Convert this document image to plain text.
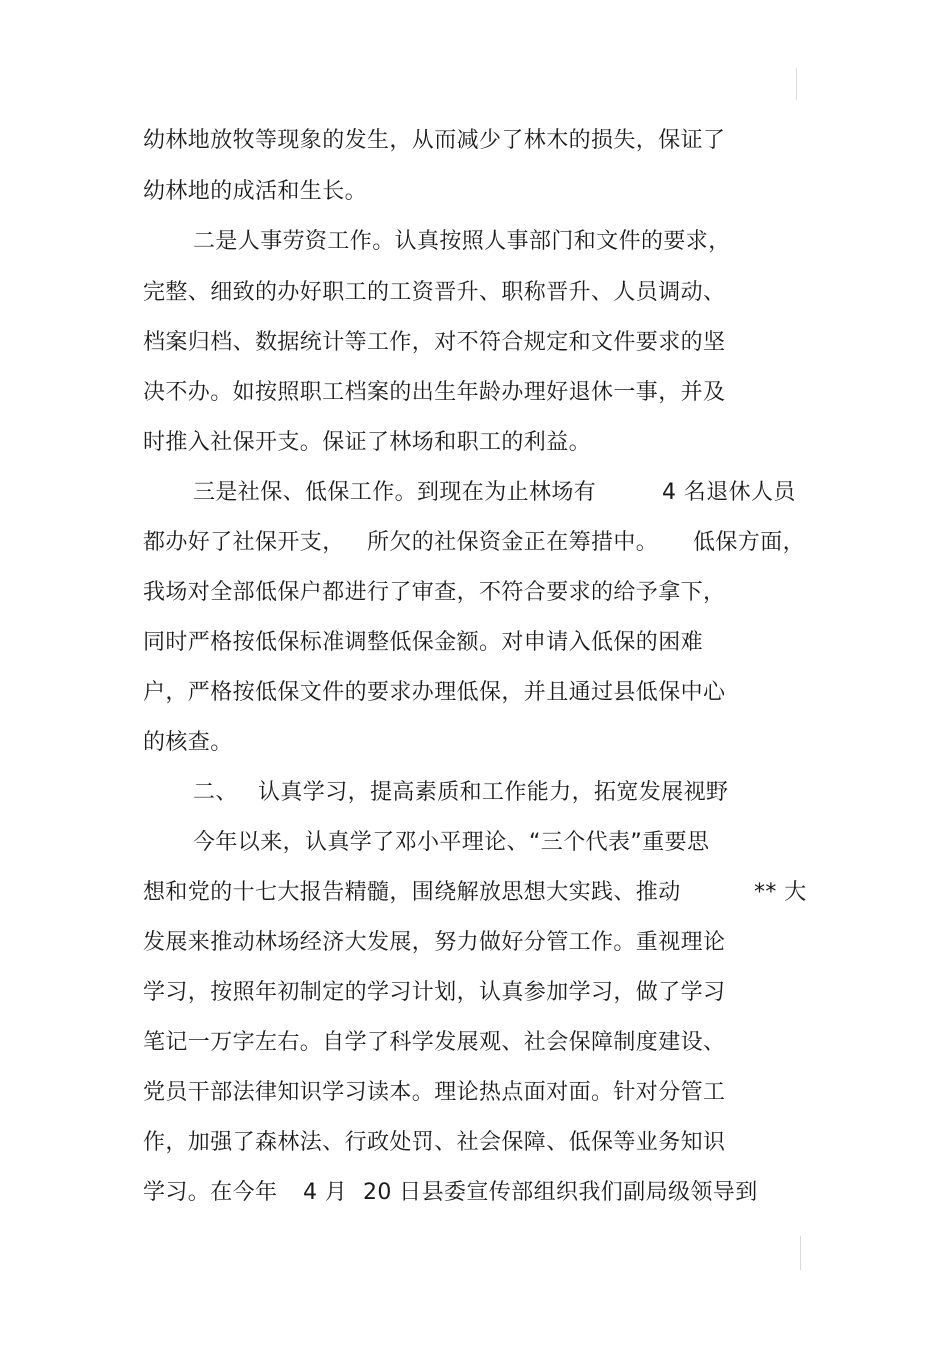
幼林地放牧等现象的发生，从而减少了林木的损失，保证了

幼林地的成活和生长。

二是人事劳资工作。认真按照人事部门和文件的要求，

完整、细致的办好职工的工资晋升、职称晋升、人员调动、

档案归档、数据统计等工作，对不符合规定和文件要求的坚

决不办。如按照职工档案的出生年龄办理好退休一事，并及

时推入社保开支。保证了林场和职工的利益。

三是社保、低保工作。到现在为止林场有

	4 名退休人员

都办好了社保开支，

所欠的社保资金正在筹措中。

低保方面，

我场对全部低保户都进行了审查，不符合要求的给予拿下，

同时严格按低保标准调整低保金额。对申请入低保的困难

户，严格按低保文件的要求办理低保，并且通过县低保中心

的核查。

二、

认真学习，提高素质和工作能力，拓宽发展视野

今年以来，认真学了邓小平理论、“三个代表”重要思

想和党的十七大报告精髓，围绕解放思想大实践、推动

	** 大

发展来推动林场经济大发展，努力做好分管工作。重视理论

学习，按照年初制定的学习计划，认真参加学习，做了学习

笔记一万字左右。自学了科学发展观、社会保障制度建设、

党员干部法律知识学习读本。理论热点面对面。针对分管工

作，加强了森林法、行政处罚、社会保障、低保等业务知识

学习。在今年

4 月

20 日县委宣传部组织我们副局级领导到
